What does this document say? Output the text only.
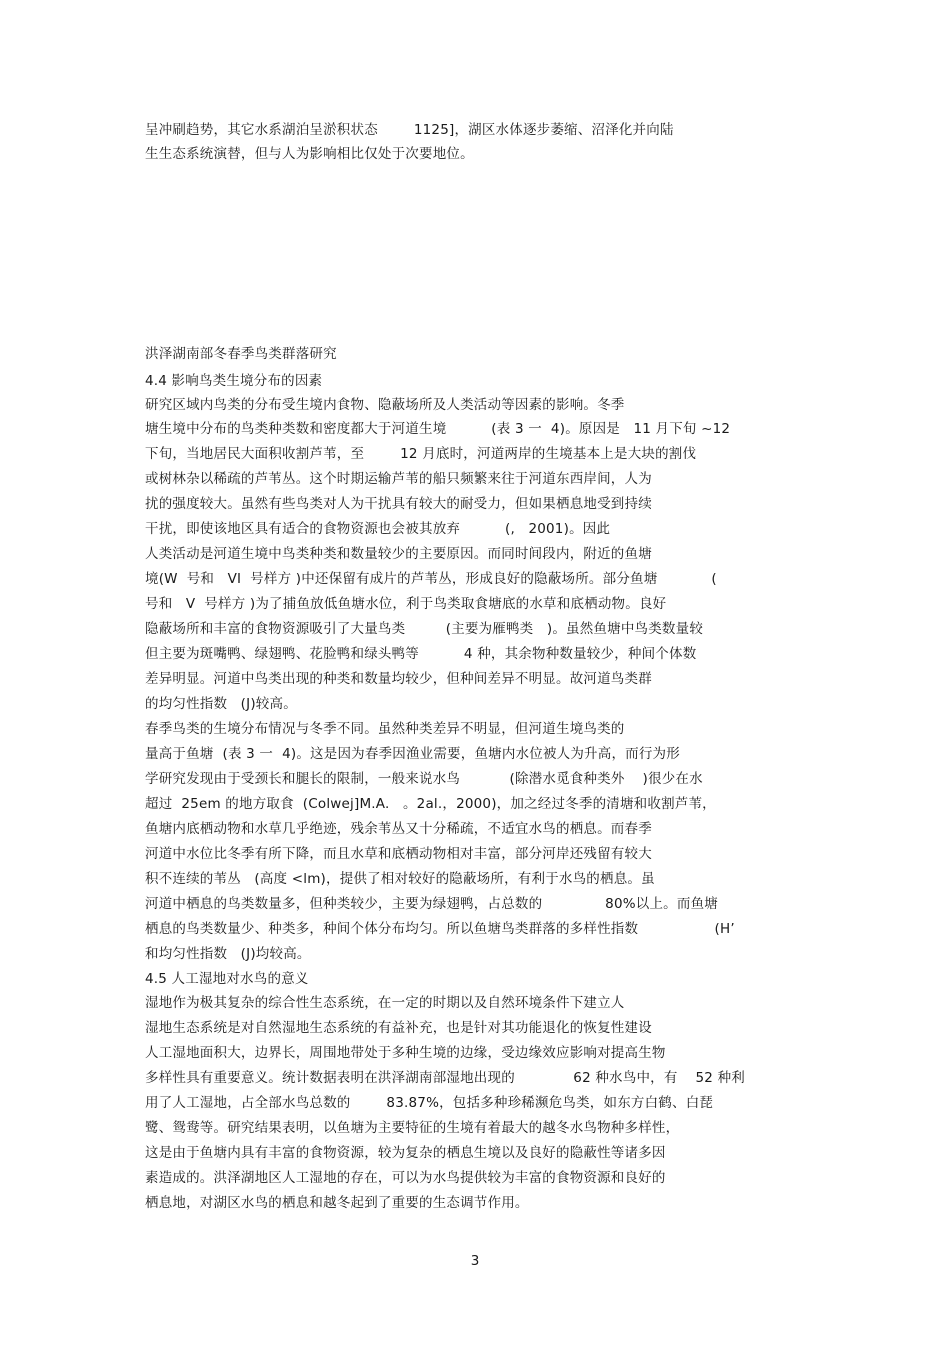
呈冲刷趋势，其它水系湖泊呈淤积状态        1125]，湖区水体逐步萎缩、沼泽化并向陆

生生态系统演替，但与人为影响相比仅处于次要地位。

洪泽湖南部冬春季鸟类群落研究

4.4 影响鸟类生境分布的因素

研究区域内鸟类的分布受生境内食物、隐蔽场所及人类活动等因素的影响。冬季

塘生境中分布的鸟类种类数和密度都大于河道生境          (表 3 一  4)。原因是   11 月下旬 ~12

下旬，当地居民大面积收割芦苇，至        12 月底时，河道两岸的生境基本上是大块的割伐

或树林杂以稀疏的芦苇丛。这个时期运输芦苇的船只频繁来往于河道东西岸间，人为

扰的强度较大。虽然有些鸟类对人为干扰具有较大的耐受力，但如果栖息地受到持续

干扰，即使该地区具有适合的食物资源也会被其放弃          (,   2001)。因此

人类活动是河道生境中鸟类种类和数量较少的主要原因。而同时间段内，附近的鱼塘

境(W  号和   VI  号样方 )中还保留有成片的芦苇丛，形成良好的隐蔽场所。部分鱼塘            (

号和   V  号样方 )为了捕鱼放低鱼塘水位，利于鸟类取食塘底的水草和底栖动物。良好

隐蔽场所和丰富的食物资源吸引了大量鸟类         (主要为雁鸭类   )。虽然鱼塘中鸟类数量较

但主要为斑嘴鸭、绿翅鸭、花脸鸭和绿头鸭等          4 种，其余物种数量较少，种间个体数

差异明显。河道中鸟类出现的种类和数量均较少，但种间差异不明显。故河道鸟类群

的均匀性指数   (J)较高。

春季鸟类的生境分布情况与冬季不同。虽然种类差异不明显，但河道生境鸟类的

量高于鱼塘  (表 3 一  4)。这是因为春季因渔业需要，鱼塘内水位被人为升高，而行为形

学研究发现由于受颈长和腿长的限制，一般来说水鸟           (除潜水觅食种类外    )很少在水

超过  25em 的地方取食  (Colwej]M.A.   。2al.，2000)，加之经过冬季的清塘和收割芦苇，

鱼塘内底栖动物和水草几乎绝迹，残余苇丛又十分稀疏，不适宜水鸟的栖息。而春季

河道中水位比冬季有所下降，而且水草和底栖动物相对丰富，部分河岸还残留有较大

积不连续的苇丛   (高度 <lm)，提供了相对较好的隐蔽场所，有利于水鸟的栖息。虽

河道中栖息的鸟类数量多，但种类较少，主要为绿翅鸭，占总数的              80%以上。而鱼塘

栖息的鸟类数量少、种类多，种间个体分布均匀。所以鱼塘鸟类群落的多样性指数                 (H’

和均匀性指数   (J)均较高。

4.5 人工湿地对水鸟的意义

湿地作为极其复杂的综合性生态系统，在一定的时期以及自然环境条件下建立人

湿地生态系统是对自然湿地生态系统的有益补充，也是针对其功能退化的恢复性建设

人工湿地面积大，边界长，周围地带处于多种生境的边缘，受边缘效应影响对提高生物

多样性具有重要意义。统计数据表明在洪泽湖南部湿地出现的             62 种水鸟中，有    52 种利

用了人工湿地，占全部水鸟总数的        83.87%，包括多种珍稀濒危鸟类，如东方白鹤、白琵

鹭、鸳鸯等。研究结果表明，以鱼塘为主要特征的生境有着最大的越冬水鸟物种多样性，

这是由于鱼塘内具有丰富的食物资源，较为复杂的栖息生境以及良好的隐蔽性等诸多因

素造成的。洪泽湖地区人工湿地的存在，可以为水鸟提供较为丰富的食物资源和良好的

栖息地，对湖区水鸟的栖息和越冬起到了重要的生态调节作用。

3
